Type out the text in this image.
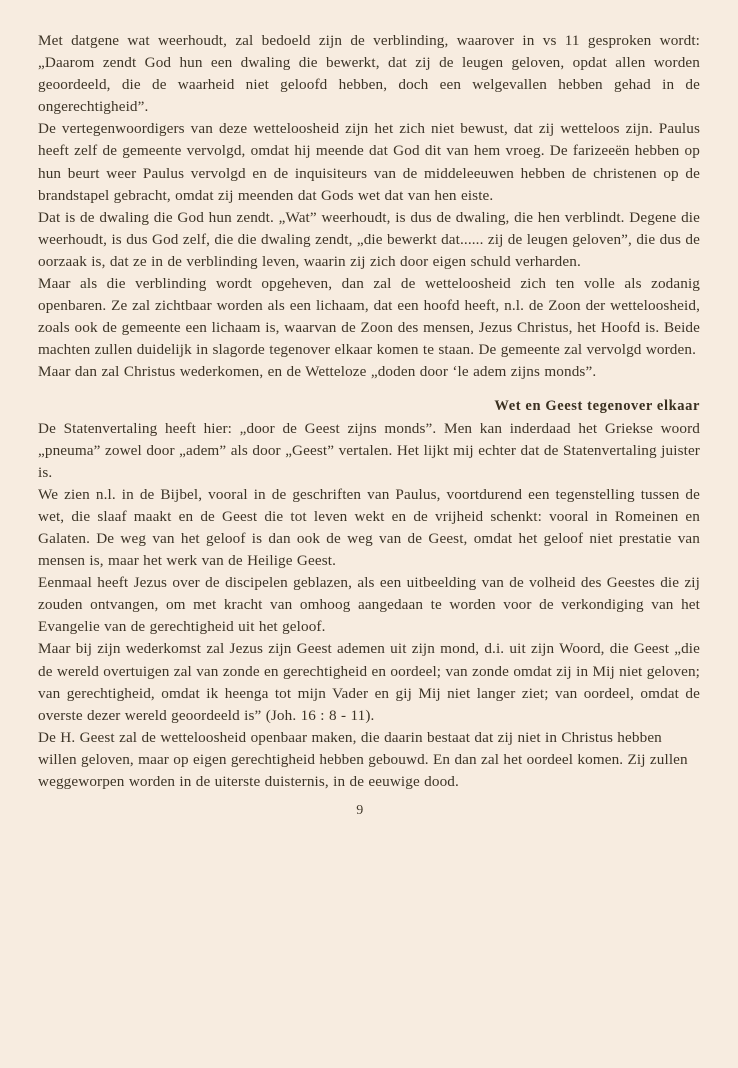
Met datgene wat weerhoudt, zal bedoeld zijn de verblinding, waarover in vs 11 gesproken wordt: „Daarom zendt God hun een dwaling die bewerkt, dat zij de leugen geloven, opdat allen worden geoordeeld, die de waarheid niet geloofd hebben, doch een welgevallen hebben gehad in de ongerechtigheid”.

De vertegenwoordigers van deze wetteloosheid zijn het zich niet bewust, dat zij wetteloos zijn. Paulus heeft zelf de gemeente vervolgd, omdat hij meende dat God dit van hem vroeg. De farizeeën hebben op hun beurt weer Paulus vervolgd en de inquisiteurs van de middeleeuwen hebben de christenen op de brandstapel gebracht, omdat zij meenden dat Gods wet dat van hen eiste.

Dat is de dwaling die God hun zendt. „Wat” weerhoudt, is dus de dwaling, die hen verblindt. Degene die weerhoudt, is dus God zelf, die die dwaling zendt, „die bewerkt dat...... zij de leugen geloven”, die dus de oorzaak is, dat ze in de verblinding leven, waarin zij zich door eigen schuld verharden.

Maar als die verblinding wordt opgeheven, dan zal de wetteloosheid zich ten volle als zodanig openbaren. Ze zal zichtbaar worden als een lichaam, dat een hoofd heeft, n.l. de Zoon der wetteloosheid, zoals ook de gemeente een lichaam is, waarvan de Zoon des mensen, Jezus Christus, het Hoofd is. Beide machten zullen duidelijk in slagorde tegenover elkaar komen te staan. De gemeente zal vervolgd worden.

Maar dan zal Christus wederkomen, en de Wetteloze „doden door ‘le adem zijns monds”.

Wet en Geest tegenover elkaar

De Statenvertaling heeft hier: „door de Geest zijns monds”. Men kan inderdaad het Griekse woord „pneuma” zowel door „adem” als door „Geest” vertalen. Het lijkt mij echter dat de Statenvertaling juister is.

We zien n.l. in de Bijbel, vooral in de geschriften van Paulus, voortdurend een tegenstelling tussen de wet, die slaaf maakt en de Geest die tot leven wekt en de vrijheid schenkt: vooral in Romeinen en Galaten. De weg van het geloof is dan ook de weg van de Geest, omdat het geloof niet prestatie van mensen is, maar het werk van de Heilige Geest.

Eenmaal heeft Jezus over de discipelen geblazen, als een uitbeelding van de volheid des Geestes die zij zouden ontvangen, om met kracht van omhoog aangedaan te worden voor de verkondiging van het Evangelie van de gerechtigheid uit het geloof.

Maar bij zijn wederkomst zal Jezus zijn Geest ademen uit zijn mond, d.i. uit zijn Woord, die Geest „die de wereld overtuigen zal van zonde en gerechtigheid en oordeel; van zonde omdat zij in Mij niet geloven; van gerechtigheid, omdat ik heenga tot mijn Vader en gij Mij niet langer ziet; van oordeel, omdat de overste dezer wereld geoordeeld is” (Joh. 16 : 8 - 11).

De H. Geest zal de wetteloosheid openbaar maken, die daarin bestaat dat zij niet in Christus hebben willen geloven, maar op eigen gerechtigheid hebben gebouwd. En dan zal het oordeel komen. Zij zullen weggeworpen worden in de uiterste duisternis, in de eeuwige dood.

9
